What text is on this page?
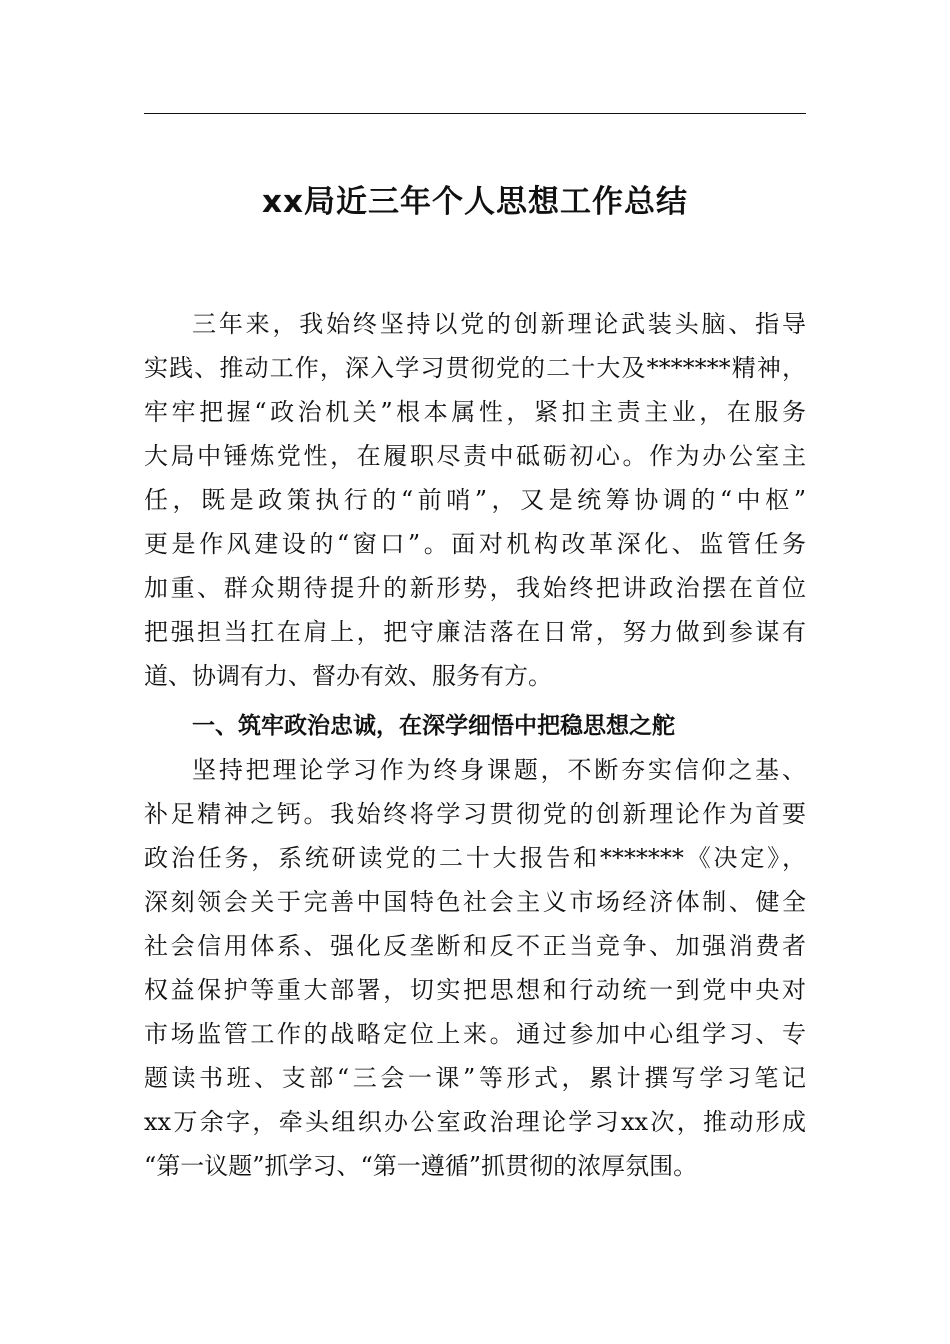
xx局近三年个人思想工作总结
三年来，我始终坚持以党的创新理论武装头脑、指导
实践、推动工作，深入学习贯彻党的二十大及*******精神，
牢牢把握“政治机关”根本属性，紧扣主责主业，在服务
大局中锤炼党性，在履职尽责中砥砺初心。作为办公室主
任，既是政策执行的“前哨”，又是统筹协调的“中枢”
更是作风建设的“窗口”。面对机构改革深化、监管任务
加重、群众期待提升的新形势，我始终把讲政治摆在首位
把强担当扛在肩上，把守廉洁落在日常，努力做到参谋有
道、协调有力、督办有效、服务有方。
一、筑牢政治忠诚，在深学细悟中把稳思想之舵
坚持把理论学习作为终身课题，不断夯实信仰之基、
补足精神之钙。我始终将学习贯彻党的创新理论作为首要
政治任务，系统研读党的二十大报告和*******《决定》，
深刻领会关于完善中国特色社会主义市场经济体制、健全
社会信用体系、强化反垄断和反不正当竞争、加强消费者
权益保护等重大部署，切实把思想和行动统一到党中央对
市场监管工作的战略定位上来。通过参加中心组学习、专
题读书班、支部“三会一课”等形式，累计撰写学习笔记
xx万余字，牵头组织办公室政治理论学习xx次，推动形成
“第一议题”抓学习、“第一遵循”抓贯彻的浓厚氛围。
